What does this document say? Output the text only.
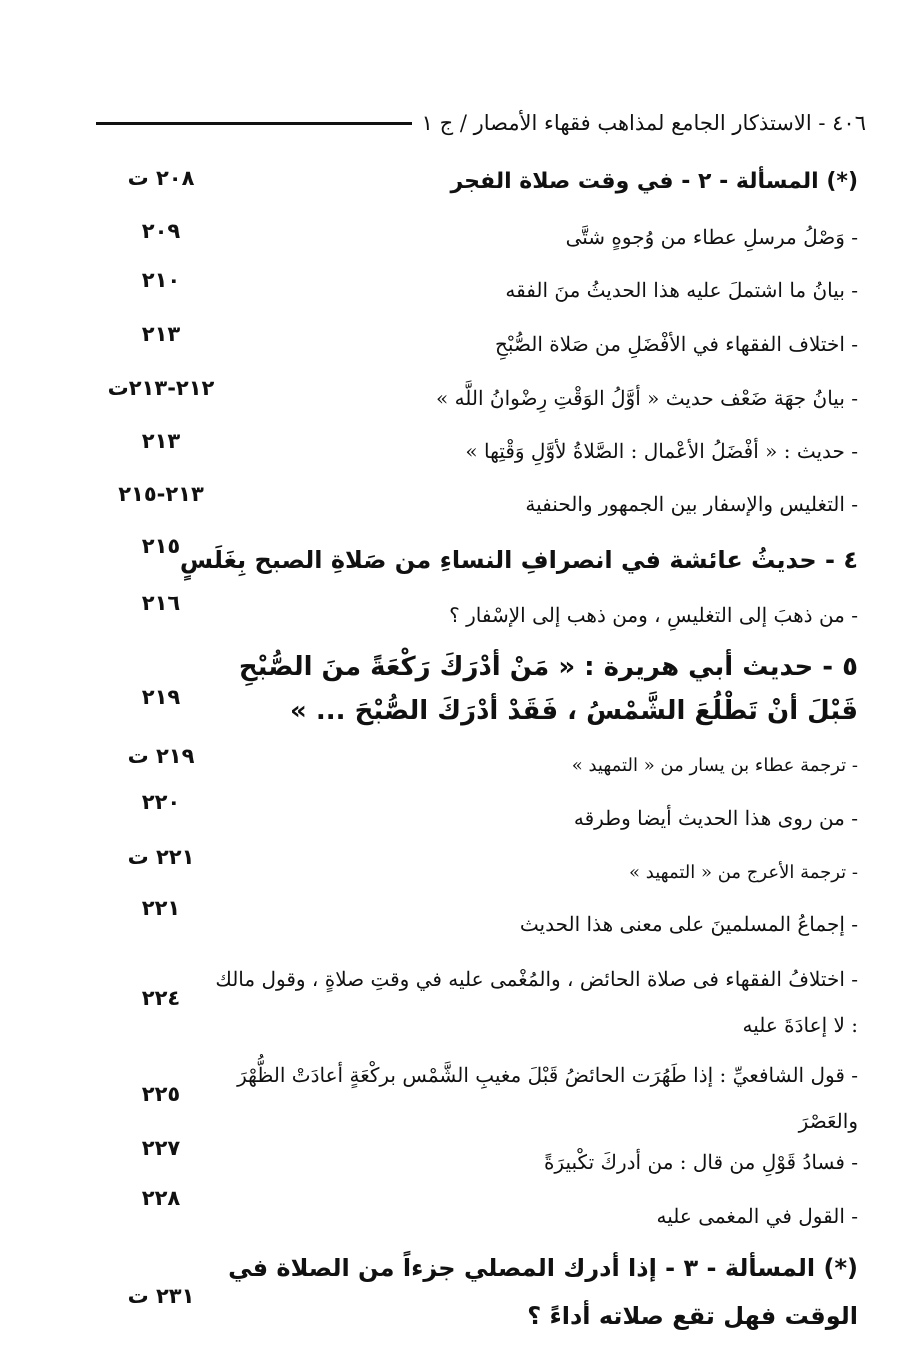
٤٠٦ - الاستذكار الجامع لمذاهب فقهاء الأمصار / ج ١
(*) المسألة - ٢ - في وقت صلاة الفجر
٢٠٨ ت
- وَصْلُ مرسلِ عطاء من وُجوهٍ شتَّى
٢٠٩
- بيانُ ما اشتملَ عليه هذا الحديثُ منَ الفقه
٢١٠
- اختلاف الفقهاء في الأفْضَلِ من صَلاة الصُّبْحِ
٢١٣
- بيانُ جهَة ضَعْف حديث « أوَّلُ الوَقْتِ رِضْوانُ اللَّه »
٢١٢-٢١٣ت
- حديث : « أفْضَلُ الأعْمال : الصَّلاةُ لأوَّلِ وَقْتِها »
٢١٣
- التغليس والإسفار بين الجمهور والحنفية
٢١٣-٢١٥
٤ - حديثُ عائشة في انصرافِ النساءِ من صَلاةِ الصبح بِغَلَسٍ
٢١٥
- من ذهبَ إلى التغليسِ ، ومن ذهب إلى الإسْفار ؟
٢١٦
٥ - حديث أبي هريرة : « مَنْ أدْرَكَ رَكْعَةً منَ الصُّبْحِ قَبْلَ أنْ تَطْلُعَ الشَّمْسُ ، فَقَدْ أدْرَكَ الصُّبْحَ ... »
٢١٩
- ترجمة عطاء بن يسار من « التمهيد »
٢١٩ ت
- من روى هذا الحديث أيضا وطرقه
٢٢٠
- ترجمة الأعرج من « التمهيد »
٢٢١ ت
- إجماعُ المسلمينَ على معنى هذا الحديث
٢٢١
- اختلافُ الفقهاء فى صلاة الحائض ، والمُغْمى عليه في وقتِ صلاةٍ ، وقول مالك : لا إعادَةَ عليه
٢٢٤
- قول الشافعيِّ : إذا طَهُرَت الحائضُ قَبْلَ مغيبِ الشَّمْس بركْعَةٍ أعادَتْ الظُّهْرَ والعَصْرَ
٢٢٥
- فسادُ قَوْلِ من قال : من أدركَ تكْبيرَةً
٢٢٧
- القول في المغمى عليه
٢٢٨
(*) المسألة - ٣ - إذا أدرك المصلي جزءاً من الصلاة في الوقت فهل تقع صلاته أداءً ؟
٢٣١ ت
